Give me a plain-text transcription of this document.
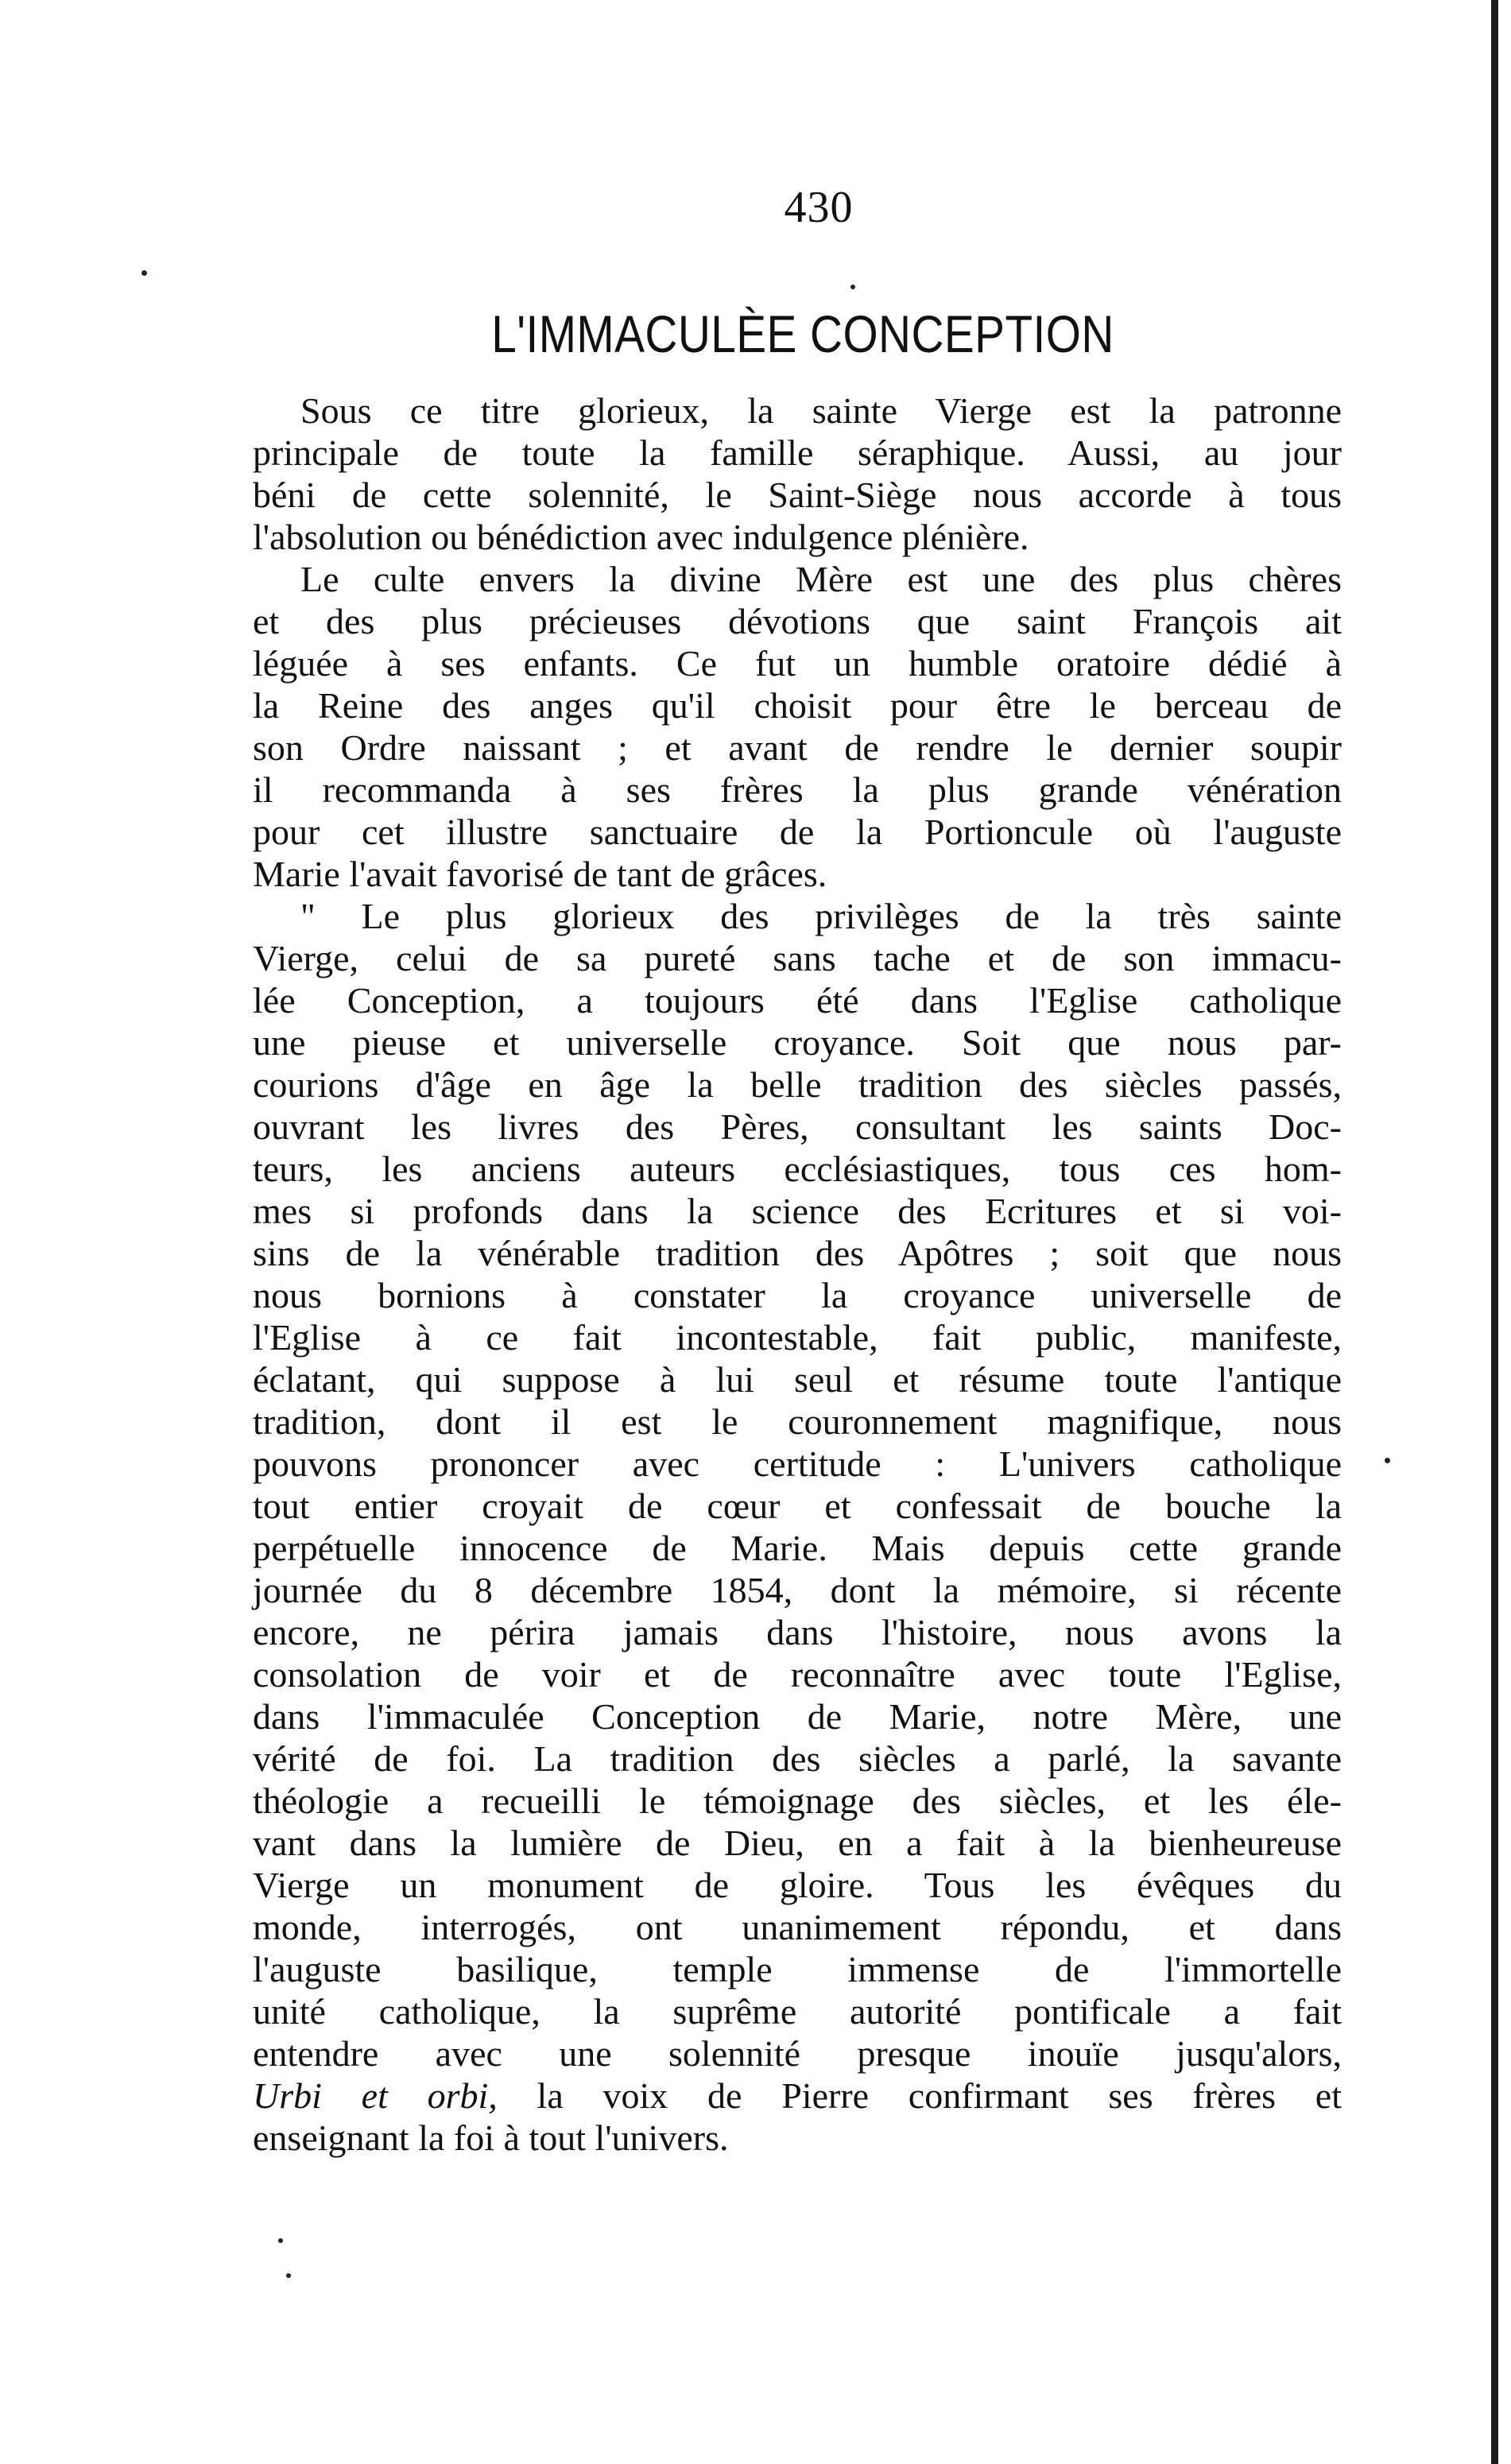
430
L'IMMACULÈE CONCEPTION
Sous ce titre glorieux, la sainte Vierge est la patronne
principale de toute la famille séraphique. Aussi, au jour
béni de cette solennité, le Saint-Siège nous accorde à tous
l'absolution ou bénédiction avec indulgence plénière.
Le culte envers la divine Mère est une des plus chères
et des plus précieuses dévotions que saint François ait
léguée à ses enfants. Ce fut un humble oratoire dédié à
la Reine des anges qu'il choisit pour être le berceau de
son Ordre naissant ; et avant de rendre le dernier soupir
il recommanda à ses frères la plus grande vénération
pour cet illustre sanctuaire de la Portioncule où l'auguste
Marie l'avait favorisé de tant de grâces.
" Le plus glorieux des privilèges de la très sainte
Vierge, celui de sa pureté sans tache et de son immacu-
lée Conception, a toujours été dans l'Eglise catholique
une pieuse et universelle croyance. Soit que nous par-
courions d'âge en âge la belle tradition des siècles passés,
ouvrant les livres des Pères, consultant les saints Doc-
teurs, les anciens auteurs ecclésiastiques, tous ces hom-
mes si profonds dans la science des Ecritures et si voi-
sins de la vénérable tradition des Apôtres ; soit que nous
nous bornions à constater la croyance universelle de
l'Eglise à ce fait incontestable, fait public, manifeste,
éclatant, qui suppose à lui seul et résume toute l'antique
tradition, dont il est le couronnement magnifique, nous
pouvons prononcer avec certitude : L'univers catholique
tout entier croyait de cœur et confessait de bouche la
perpétuelle innocence de Marie. Mais depuis cette grande
journée du 8 décembre 1854, dont la mémoire, si récente
encore, ne périra jamais dans l'histoire, nous avons la
consolation de voir et de reconnaître avec toute l'Eglise,
dans l'immaculée Conception de Marie, notre Mère, une
vérité de foi. La tradition des siècles a parlé, la savante
théologie a recueilli le témoignage des siècles, et les éle-
vant dans la lumière de Dieu, en a fait à la bienheureuse
Vierge un monument de gloire. Tous les évêques du
monde, interrogés, ont unanimement répondu, et dans
l'auguste basilique, temple immense de l'immortelle
unité catholique, la suprême autorité pontificale a fait
entendre avec une solennité presque inouïe jusqu'alors,
Urbi et orbi, la voix de Pierre confirmant ses frères et
enseignant la foi à tout l'univers.
